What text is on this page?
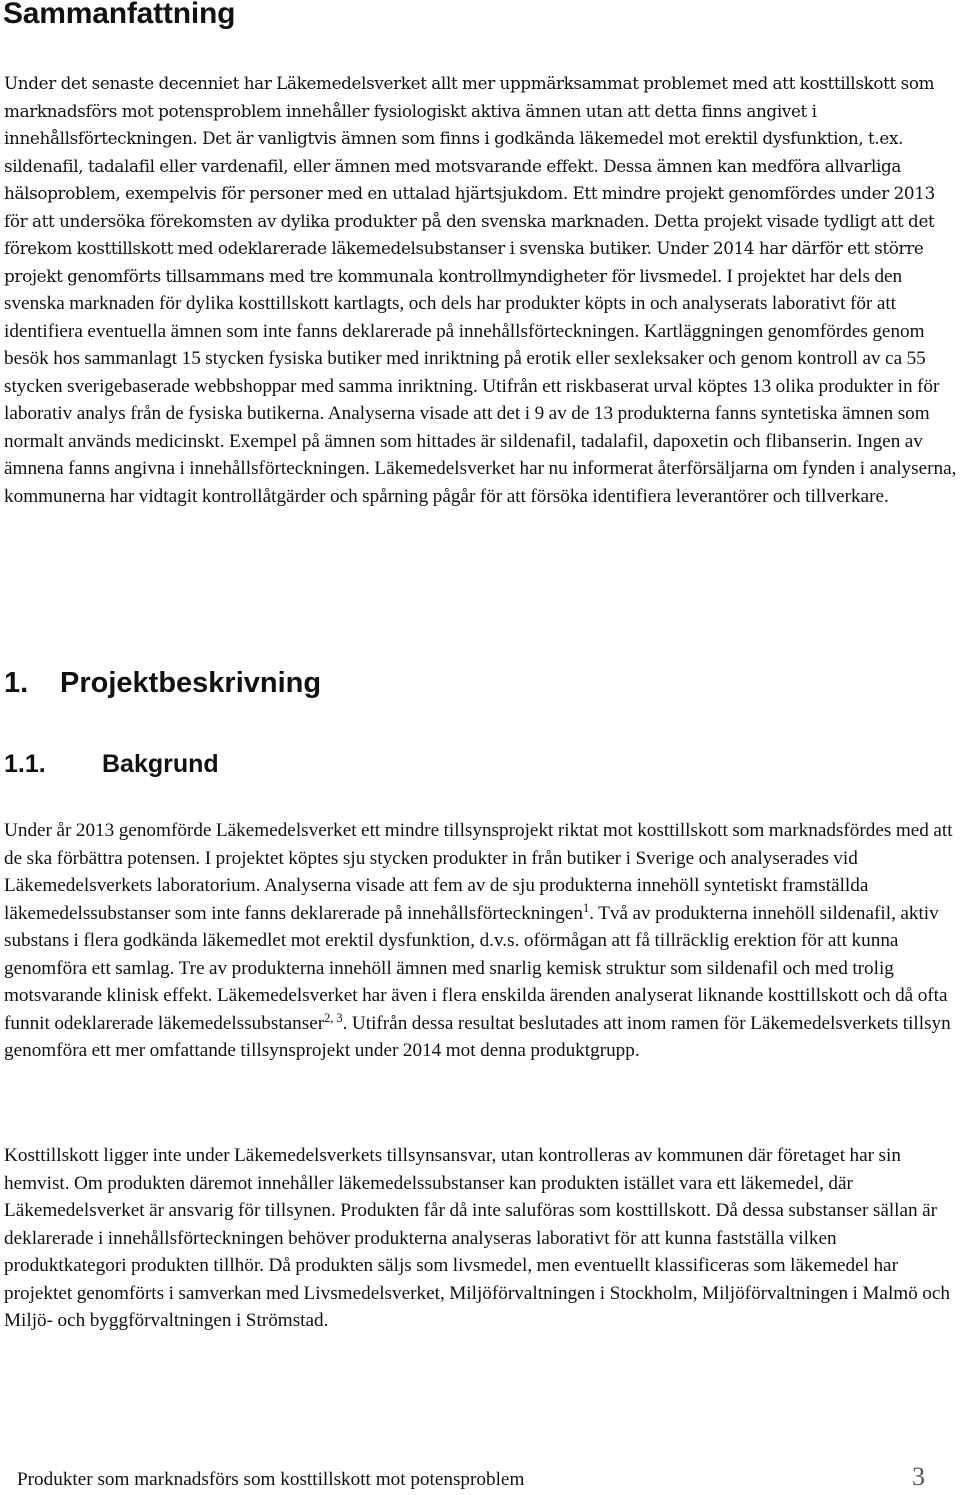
Sammanfattning

Under det senaste decenniet har Läkemedelsverket allt mer uppmärksammat problemet med att kosttillskott som marknadsförs mot potensproblem innehåller fysiologiskt aktiva ämnen utan att detta finns angivet i innehållsförteckningen. Det är vanligtvis ämnen som finns i godkända läkemedel mot erektil dysfunktion, t.ex. sildenafil, tadalafil eller vardenafil, eller ämnen med motsvarande effekt. Dessa ämnen kan medföra allvarliga hälsoproblem, exempelvis för personer med en uttalad hjärtsjukdom. Ett mindre projekt genomfördes under 2013 för att undersöka förekomsten av dylika produkter på den svenska marknaden. Detta projekt visade tydligt att det förekom kosttillskott med odeklarerade läkemedelsubstanser i svenska butiker. Under 2014 har därför ett större projekt genomförts tillsammans med tre kommunala kontrollmyndigheter för livsmedel. I projektet har dels den svenska marknaden för dylika kosttillskott kartlagts, och dels har produkter köpts in och analyserats laborativt för att identifiera eventuella ämnen som inte fanns deklarerade på innehållsförteckningen. Kartläggningen genomfördes genom besök hos sammanlagt 15 stycken fysiska butiker med inriktning på erotik eller sexleksaker och genom kontroll av ca 55 stycken sverigebaserade webbshoppar med samma inriktning. Utifrån ett riskbaserat urval köptes 13 olika produkter in för laborativ analys från de fysiska butikerna. Analyserna visade att det i 9 av de 13 produkterna fanns syntetiska ämnen som normalt används medicinskt. Exempel på ämnen som hittades är sildenafil, tadalafil, dapoxetin och flibanserin. Ingen av ämnena fanns angivna i innehållsförteckningen. Läkemedelsverket har nu informerat återförsäljarna om fynden i analyserna, kommunerna har vidtagit kontrollåtgärder och spårning pågår för att försöka identifiera leverantörer och tillverkare.

1. Projektbeskrivning
1.1. Bakgrund

Under år 2013 genomförde Läkemedelsverket ett mindre tillsynsprojekt riktat mot kosttillskott som marknadsfördes med att de ska förbättra potensen. I projektet köptes sju stycken produkter in från butiker i Sverige och analyserades vid Läkemedelsverkets laboratorium. Analyserna visade att fem av de sju produkterna innehöll syntetiskt framställda läkemedelssubstanser som inte fanns deklarerade på innehållsförteckningen$^1$. Två av produkterna innehöll sildenafil, aktiv substans i flera godkända läkemedlet mot erektil dysfunktion, d.v.s. oförmågan att få tillräcklig erektion för att kunna genomföra ett samlag. Tre av produkterna innehöll ämnen med snarlig kemisk struktur som sildenafil och med trolig motsvarande klinisk effekt. Läkemedelsverket har även i flera enskilda ärenden analyserat liknande kosttillskott och då ofta funnit odeklarerade läkemedelssubstanser$^{2, 3}$. Utifrån dessa resultat beslutades att inom ramen för Läkemedelsverkets tillsyn genomföra ett mer omfattande tillsynsprojekt under 2014 mot denna produktgrupp.

Kosttillskott ligger inte under Läkemedelsverkets tillsynsansvar, utan kontrolleras av kommunen där företaget har sin hemvist. Om produkten däremot innehåller läkemedelssubstanser kan produkten istället vara ett läkemedel, där Läkemedelsverket är ansvarig för tillsynen. Produkten får då inte saluföras som kosttillskott. Då dessa substanser sällan är deklarerade i innehållsförteckningen behöver produkterna analyseras laborativt för att kunna fastställa vilken produktkategori produkten tillhör. Då produkten säljs som livsmedel, men eventuellt klassificeras som läkemedel har projektet genomförts i samverkan med Livsmedelsverket, Miljöförvaltningen i Stockholm, Miljöförvaltningen i Malmö och Miljö- och byggförvaltningen i Strömstad.

Produkter som marknadsförs som kosttillskott mot potensproblem	3
